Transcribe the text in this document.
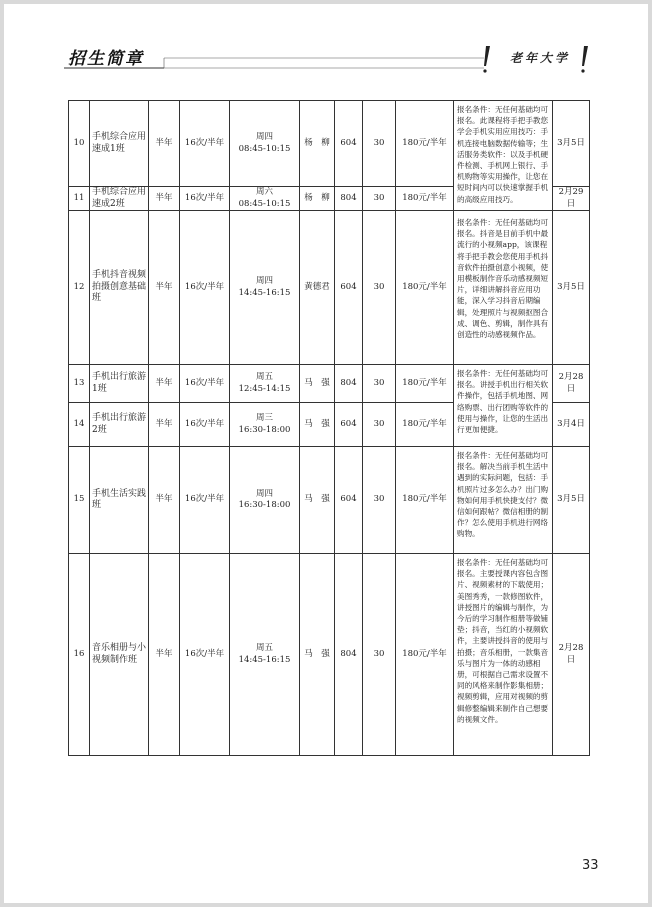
招生简章	老年大学
10	手机综合应用速成1班	半年	16次/半年	周四
08:45-10:15	杨　柳	604	30	180元/半年	报名条件：无任何基础均可报名。此课程将手把手教您学会手机实用应用技巧：手机连接电脑数据传输等；生活服务类软件：以及手机硬件检测、手机网上银行、手机购物等实用操作，让您在短时间内可以快速掌握手机的高级应用技巧。	3月5日
11	手机综合应用速成2班	半年	16次/半年	周六
08:45-10:15	杨　柳	804	30	180元/半年		2月29日
12	手机抖音视频拍摄创意基础班	半年	16次/半年	周四
14:45-16:15	黄德君	604	30	180元/半年	报名条件：无任何基础均可报名。抖音是目前手机中最流行的小视频app，该课程将手把手教会您使用手机抖音软件拍摄创意小视频，使用模板制作音乐动感视频短片，详细讲解抖音应用功能，深入学习抖音后期编辑，处理照片与视频抠图合成、调色、剪辑，制作具有创造性的动感视频作品。	3月5日
13	手机出行旅游1班	半年	16次/半年	周五
12:45-14:15	马　强	804	30	180元/半年	报名条件：无任何基础均可报名。讲授手机出行相关软件操作，包括手机地图、网络购票、出行团购等软件的使用与操作，让您的生活出行更加便捷。	2月28日
14	手机出行旅游2班	半年	16次/半年	周三
16:30-18:00	马　强	604	30	180元/半年		3月4日
15	手机生活实践班	半年	16次/半年	周四
16:30-18:00	马　强	604	30	180元/半年	报名条件：无任何基础均可报名。解决当前手机生活中遇到的实际问题，包括：手机照片过多怎么办？出门购物如何用手机快捷支付？微信如何跟帖？微信相册的制作？怎么使用手机进行网络购物。	3月5日
16	音乐相册与小视频制作班	半年	16次/半年	周五
14:45-16:15	马　强	804	30	180元/半年	报名条件：无任何基础均可报名。主要授课内容包含图片、视频素材的下载使用；美图秀秀，一款修图软件，讲授图片的编辑与制作，为今后的学习制作相册等做铺垫；抖音，当红的小视频软件，主要讲授抖音的使用与拍摄；音乐相册，一款集音乐与图片为一体的动感相册，可根据自己需求设置不同的风格来制作影集相册；视频剪辑，应用对视频的剪辑修整编辑来制作自己想要的视频文件。	2月28日
33
